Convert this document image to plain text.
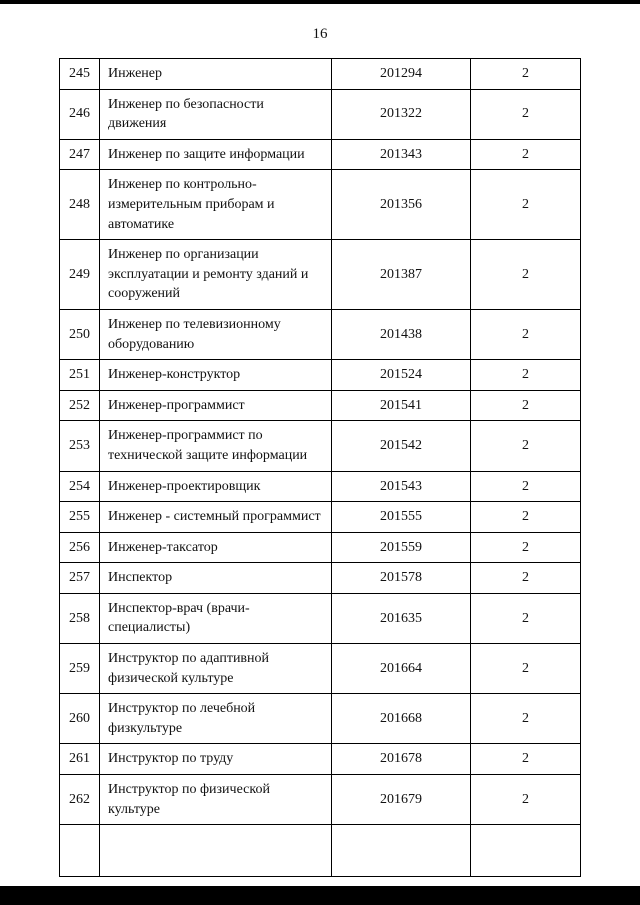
16
245	Инженер	201294	2
246	Инженер по безопасности движения	201322	2
247	Инженер по защите информации	201343	2
248	Инженер по контрольно-измерительным приборам и автоматике	201356	2
249	Инженер по организации эксплуатации и ремонту зданий и сооружений	201387	2
250	Инженер по телевизионному оборудованию	201438	2
251	Инженер-конструктор	201524	2
252	Инженер-программист	201541	2
253	Инженер-программист по технической защите информации	201542	2
254	Инженер-проектировщик	201543	2
255	Инженер - системный программист	201555	2
256	Инженер-таксатор	201559	2
257	Инспектор	201578	2
258	Инспектор-врач (врачи-специалисты)	201635	2
259	Инструктор по адаптивной физической культуре	201664	2
260	Инструктор по лечебной физкультуре	201668	2
261	Инструктор по труду	201678	2
262	Инструктор по физической культуре	201679	2
